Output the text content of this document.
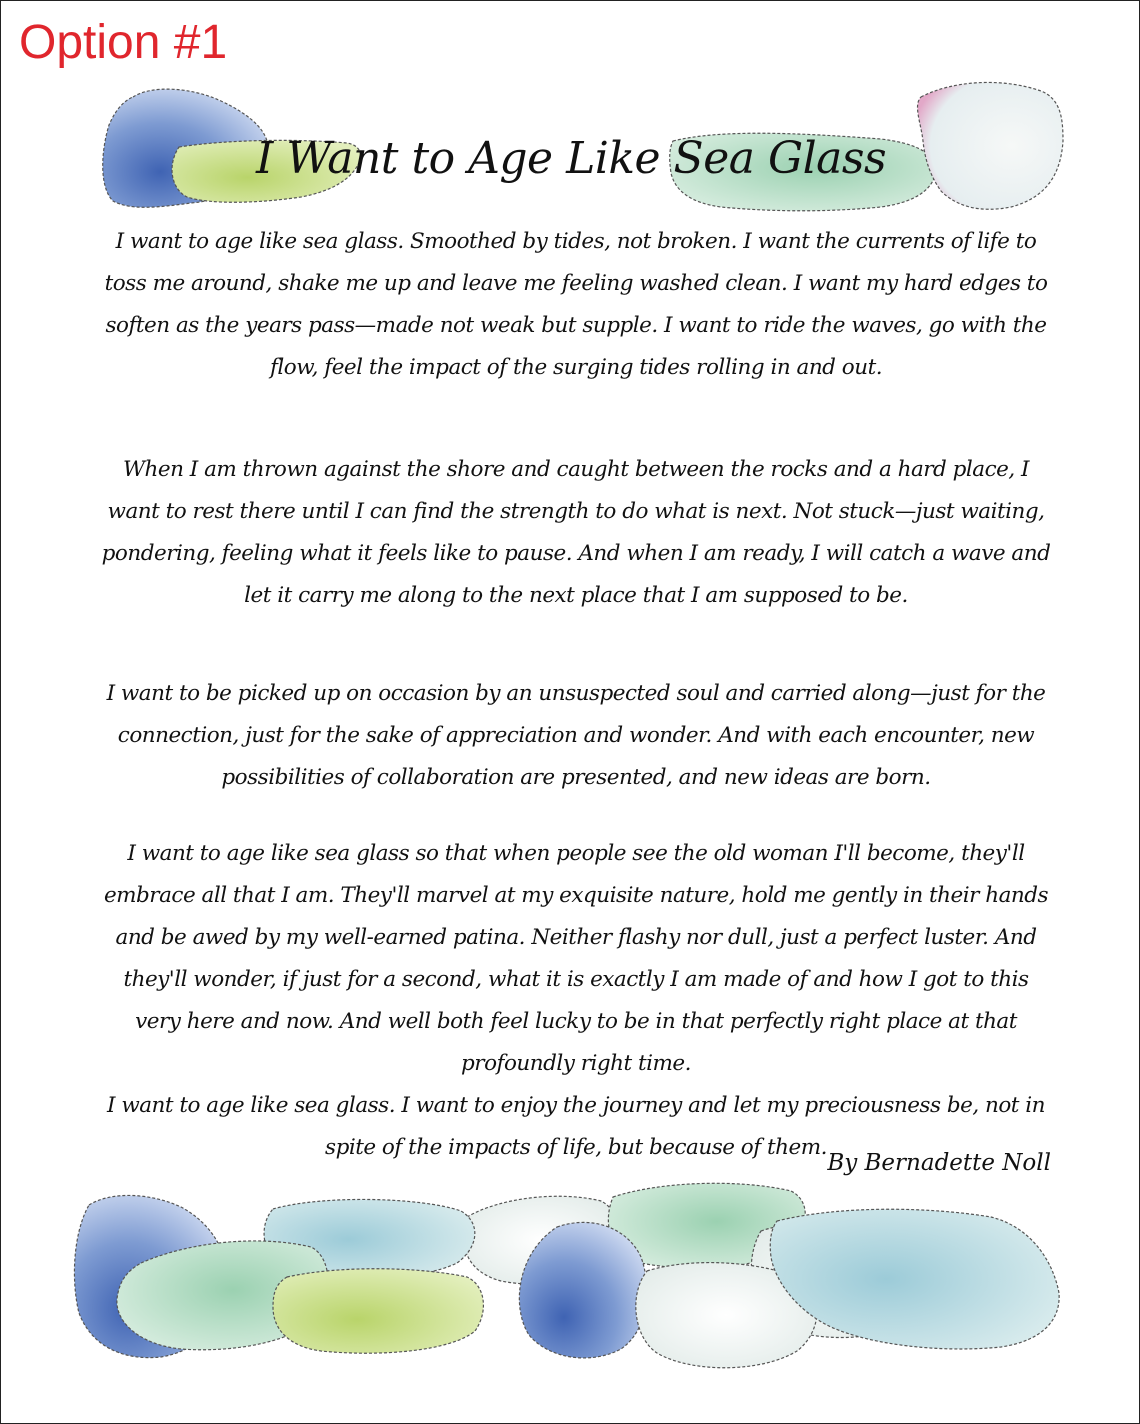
Option #1
I Want to Age Like Sea Glass

I want to age like sea glass. Smoothed by tides, not broken. I want the currents of life to toss me around, shake me up and leave me feeling washed clean. I want my hard edges to soften as the years pass—made not weak but supple. I want to ride the waves, go with the flow, feel the impact of the surging tides rolling in and out.

When I am thrown against the shore and caught between the rocks and a hard place, I want to rest there until I can find the strength to do what is next. Not stuck—just waiting, pondering, feeling what it feels like to pause. And when I am ready, I will catch a wave and let it carry me along to the next place that I am supposed to be.

I want to be picked up on occasion by an unsuspected soul and carried along—just for the connection, just for the sake of appreciation and wonder. And with each encounter, new possibilities of collaboration are presented, and new ideas are born.

I want to age like sea glass so that when people see the old woman I'll become, they'll embrace all that I am. They'll marvel at my exquisite nature, hold me gently in their hands and be awed by my well-earned patina. Neither flashy nor dull, just a perfect luster. And they'll wonder, if just for a second, what it is exactly I am made of and how I got to this very here and now. And well both feel lucky to be in that perfectly right place at that profoundly right time.

I want to age like sea glass. I want to enjoy the journey and let my preciousness be, not in spite of the impacts of life, but because of them.

By Bernadette Noll
